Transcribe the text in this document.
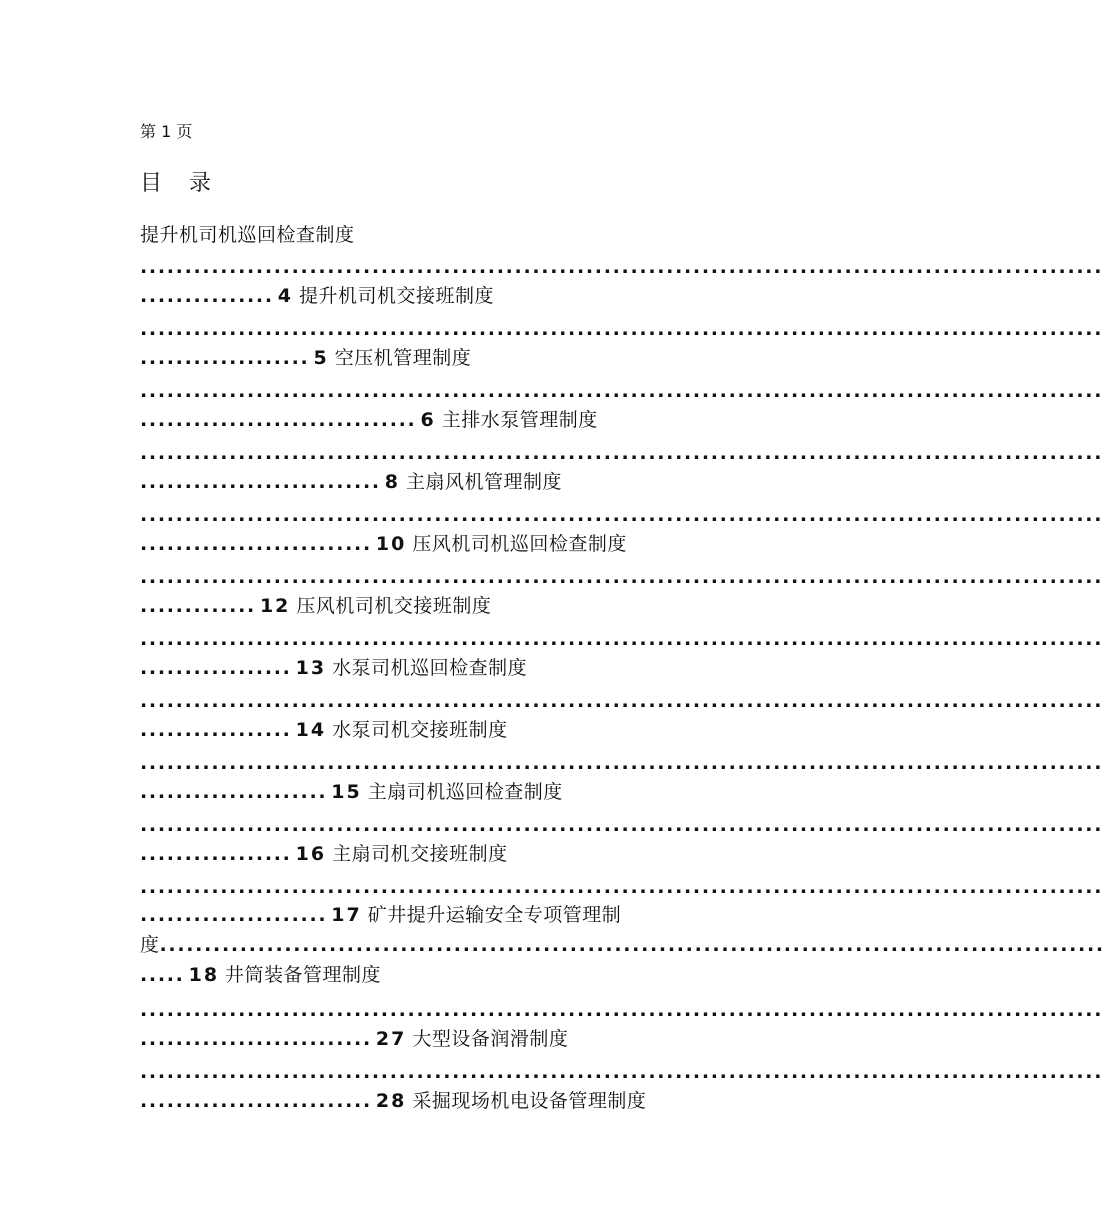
第 1 页
目 录
提升机司机巡回检查制度
............................................................................................................
............... 4 提升机司机交接班制度
............................................................................................................
................... 5 空压机管理制度
............................................................................................................
............................... 6 主排水泵管理制度
............................................................................................................
........................... 8 主扇风机管理制度
............................................................................................................
.......................... 10 压风机司机巡回检查制度
............................................................................................................
............. 12 压风机司机交接班制度
............................................................................................................
................. 13 水泵司机巡回检查制度
............................................................................................................
................. 14 水泵司机交接班制度
............................................................................................................
..................... 15 主扇司机巡回检查制度
............................................................................................................
................. 16 主扇司机交接班制度
............................................................................................................
..................... 17 矿井提升运输安全专项管理制
度..........................................................................................................
..... 18 井筒装备管理制度
............................................................................................................
.......................... 27 大型设备润滑制度
............................................................................................................
.......................... 28 采掘现场机电设备管理制度
